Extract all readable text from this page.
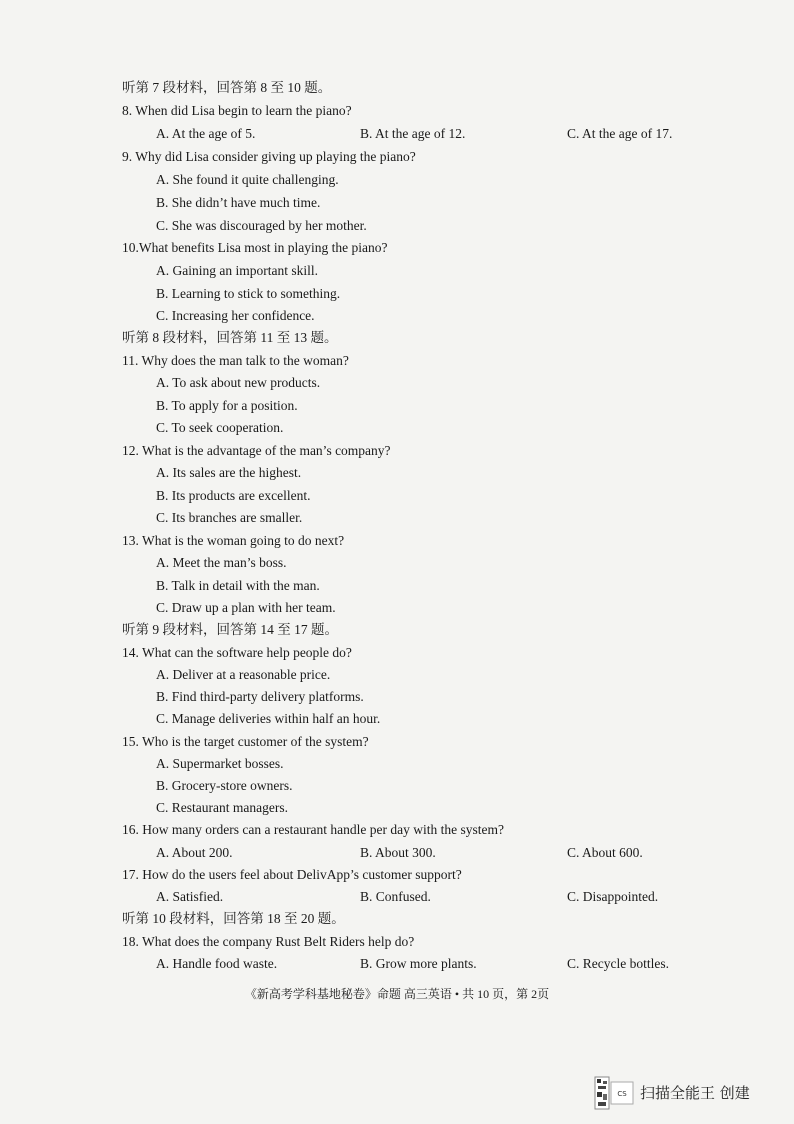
听第 7 段材料，回答第 8 至 10 题。
8. When did Lisa begin to learn the piano?
A. At the age of 5.	B. At the age of 12.	C. At the age of 17.
9. Why did Lisa consider giving up playing the piano?
A. She found it quite challenging.
B. She didn’t have much time.
C. She was discouraged by her mother.
10.What benefits Lisa most in playing the piano?
A. Gaining an important skill.
B. Learning to stick to something.
C. Increasing her confidence.
听第 8 段材料，回答第 11 至 13 题。
11. Why does the man talk to the woman?
A. To ask about new products.
B. To apply for a position.
C. To seek cooperation.
12. What is the advantage of the man’s company?
A. Its sales are the highest.
B. Its products are excellent.
C. Its branches are smaller.
13. What is the woman going to do next?
A. Meet the man’s boss.
B. Talk in detail with the man.
C. Draw up a plan with her team.
听第 9 段材料，回答第 14 至 17 题。
14. What can the software help people do?
A. Deliver at a reasonable price.
B. Find third-party delivery platforms.
C. Manage deliveries within half an hour.
15. Who is the target customer of the system?
A. Supermarket bosses.
B. Grocery-store owners.
C. Restaurant managers.
16. How many orders can a restaurant handle per day with the system?
A. About 200.	B. About 300.	C. About 600.
17. How do the users feel about DelivApp’s customer support?
A. Satisfied.	B. Confused.	C. Disappointed.
听第 10 段材料，回答第 18 至 20 题。
18. What does the company Rust Belt Riders help do?
A. Handle food waste.	B. Grow more plants.	C. Recycle bottles.
《新高考学科基地秘卷》命题 高三英语 • 共 10 页，第 2页
CS 扫描全能王 创建
